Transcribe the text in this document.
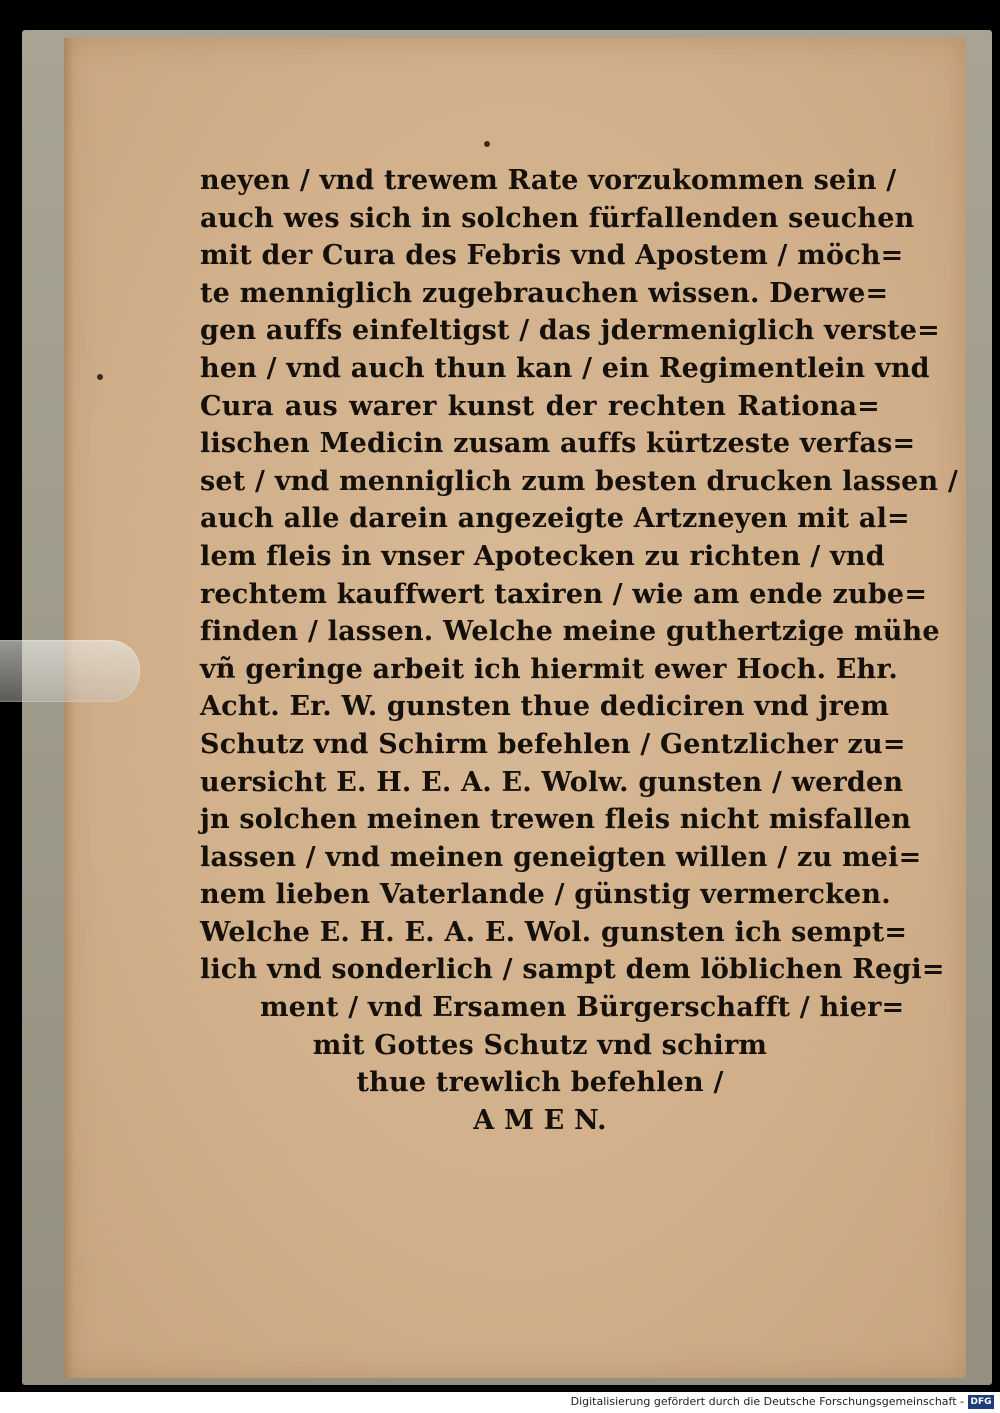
neyen / vnd trewem Rate vorzukommen sein /
auch wes sich in solchen fürfallenden seuchen
mit der Cura des Febris vnd Apostem / möch=
te menniglich zugebrauchen wissen. Derwe=
gen auffs einfeltigst / das jdermeniglich verste=
hen / vnd auch thun kan / ein Regimentlein vnd
Cura aus warer kunst der rechten Rationa=
lischen Medicin zusam auffs kürtzeste verfas=
set / vnd menniglich zum besten drucken lassen /
auch alle darein angezeigte Artzneyen mit al=
lem fleis in vnser Apotecken zu richten / vnd
rechtem kauffwert taxiren / wie am ende zube=
finden / lassen. Welche meine guthertzige mühe
vñ geringe arbeit ich hiermit ewer Hoch. Ehr.
Acht. Er. W. gunsten thue dediciren vnd jrem
Schutz vnd Schirm befehlen / Gentzlicher zu=
uersicht E. H. E. A. E. Wolw. gunsten / werden
jn solchen meinen trewen fleis nicht misfallen
lassen / vnd meinen geneigten willen / zu mei=
nem lieben Vaterlande / günstig vermercken.
Welche E. H. E. A. E. Wol. gunsten ich sempt=
lich vnd sonderlich / sampt dem löblichen Regi=
ment / vnd Ersamen Bürgerschafft / hier=
mit Gottes Schutz vnd schirm
thue trewlich befehlen /
A M E N.
Digitalisierung gefördert durch die Deutsche Forschungsgemeinschaft - DFG
